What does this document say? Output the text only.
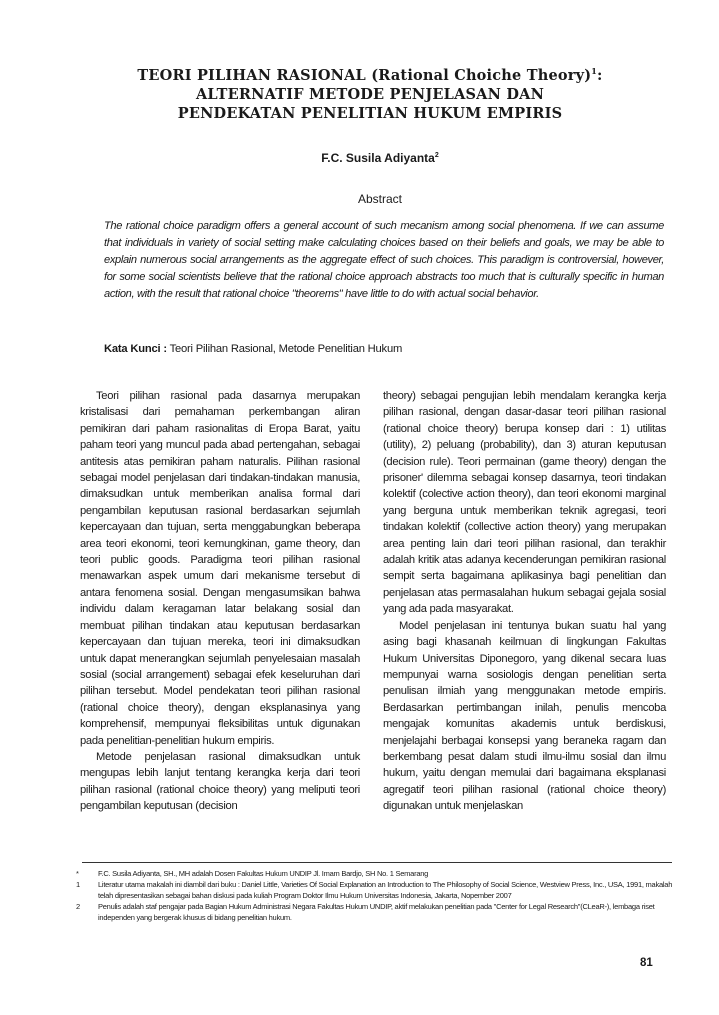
TEORI PILIHAN RASIONAL (Rational Choiche Theory)$^1$:
ALTERNATIF METODE PENJELASAN DAN
PENDEKATAN PENELITIAN HUKUM EMPIRIS
F.C. Susila Adiyanta$^2$
Abstract
The rational choice paradigm offers a general account of such mecanism among social phenomena. If we can assume that individuals in variety of social setting make calculating choices based on their beliefs and goals, we may be able to explain numerous social arrangements as the aggregate effect of such choices. This paradigm is controversial, however, for some social scientists believe that the rational choice approach abstracts too much that is culturally specific in human action, with the result that rational choice "theorems" have little to do with actual social behavior.
Kata Kunci : Teori Pilihan Rasional, Metode Penelitian Hukum

Teori pilihan rasional pada dasarnya merupakan kristalisasi dari pemahaman perkembangan aliran pemikiran dari paham rasionalitas di Eropa Barat, yaitu paham teori yang muncul pada abad pertengahan, sebagai antitesis atas pemikiran paham naturalis. Pilihan rasional sebagai model penjelasan dari tindakan-tindakan manusia, dimaksudkan untuk memberikan analisa formal dari pengambilan keputusan rasional berdasarkan sejumlah kepercayaan dan tujuan, serta menggabungkan beberapa area teori ekonomi, teori kemungkinan, game theory, dan teori public goods. Paradigma teori pilihan rasional menawarkan aspek umum dari mekanisme tersebut di antara fenomena sosial. Dengan mengasumsikan bahwa individu dalam keragaman latar belakang sosial dan membuat pilihan tindakan atau keputusan berdasarkan kepercayaan dan tujuan mereka, teori ini dimaksudkan untuk dapat menerangkan sejumlah penyelesaian masalah sosial (social arrangement) sebagai efek keseluruhan dari pilihan tersebut. Model pendekatan teori pilihan rasional (rational choice theory), dengan eksplanasinya yang komprehensif, mempunyai fleksibilitas untuk digunakan pada penelitian-penelitian hukum empiris.

Metode penjelasan rasional dimaksudkan untuk mengupas lebih lanjut tentang kerangka kerja dari teori pilihan rasional (rational choice theory) yang meliputi teori pengambilan keputusan (decision

theory) sebagai pengujian lebih mendalam kerangka kerja pilihan rasional, dengan dasar-dasar teori pilihan rasional (rational choice theory) berupa konsep dari : 1) utilitas (utility), 2) peluang (probability), dan 3) aturan keputusan (decision rule). Teori permainan (game theory) dengan the prisoner' dilemma sebagai konsep dasarnya, teori tindakan kolektif (colective action theory), dan teori ekonomi marginal yang berguna untuk memberikan teknik agregasi, teori tindakan kolektif (collective action theory) yang merupakan area penting lain dari teori pilihan rasional, dan terakhir adalah kritik atas adanya kecenderungan pemikiran rasional sempit serta bagaimana aplikasinya bagi penelitian dan penjelasan atas permasalahan hukum sebagai gejala sosial yang ada pada masyarakat.

Model penjelasan ini tentunya bukan suatu hal yang asing bagi khasanah keilmuan di lingkungan Fakultas Hukum Universitas Diponegoro, yang dikenal secara luas mempunyai warna sosiologis dengan penelitian serta penulisan ilmiah yang menggunakan metode empiris. Berdasarkan pertimbangan inilah, penulis mencoba mengajak komunitas akademis untuk berdiskusi, menjelajahi berbagai konsepsi yang beraneka ragam dan berkembang pesat dalam studi ilmu-ilmu sosial dan ilmu hukum, yaitu dengan memulai dari bagaimana eksplanasi agregatif teori pilihan rasional (rational choice theory) digunakan untuk menjelaskan

*	F.C. Susila Adiyanta, SH., MH adalah Dosen Fakultas Hukum UNDIP Jl. Imam Bardjo, SH No. 1 Semarang
1	Literatur utama makalah ini diambil dari buku : Daniel Little, Varieties Of Social Explanation an Introduction to The Philosophy of Social Science, Westview Press, Inc., USA, 1991, makalah telah dipresentasikan sebagai bahan diskusi pada kuliah Program Doktor Ilmu Hukum Universitas Indonesia, Jakarta, Nopember 2007
2	Penulis adalah staf pengajar pada Bagian Hukum Administrasi Negara Fakultas Hukum UNDIP, aktif melakukan penelitian pada "Center for Legal Research"(CLeaR-), lembaga riset independen yang bergerak khusus di bidang penelitian hukum.
81
